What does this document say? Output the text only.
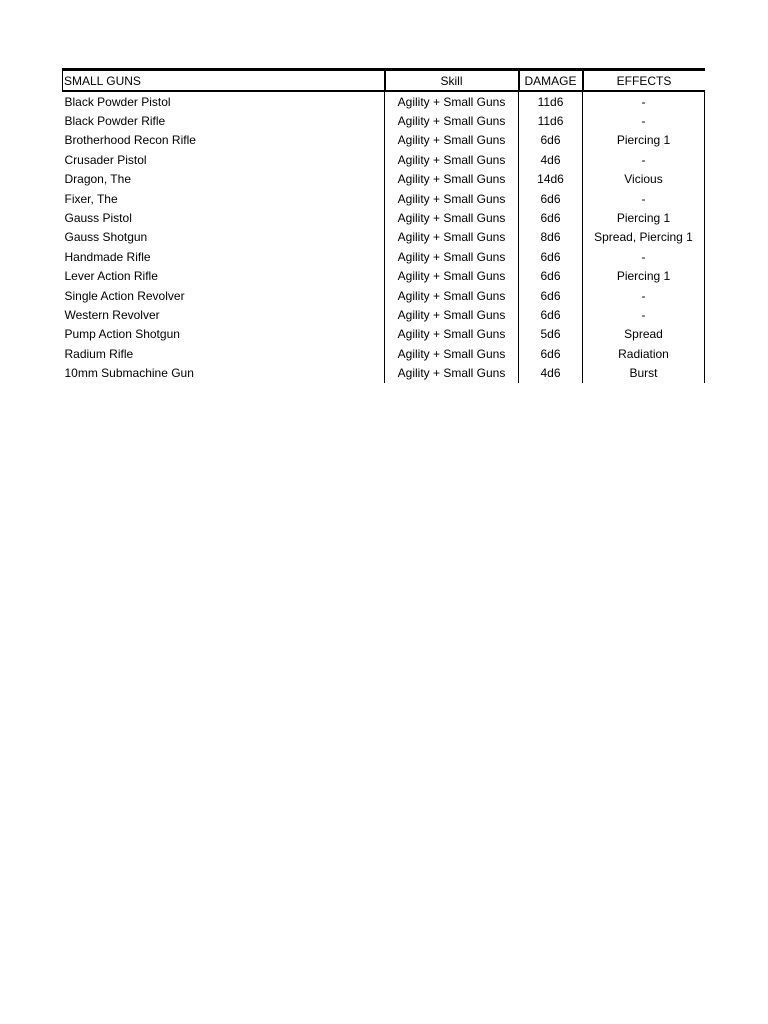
SMALL GUNS	Skill	DAMAGE	EFFECTS
Black Powder Pistol	Agility + Small Guns	11d6	-
Black Powder Rifle	Agility + Small Guns	11d6	-
Brotherhood Recon Rifle	Agility + Small Guns	6d6	Piercing 1
Crusader Pistol	Agility + Small Guns	4d6	-
Dragon, The	Agility + Small Guns	14d6	Vicious
Fixer, The	Agility + Small Guns	6d6	-
Gauss Pistol	Agility + Small Guns	6d6	Piercing 1
Gauss Shotgun	Agility + Small Guns	8d6	Spread, Piercing 1
Handmade Rifle	Agility + Small Guns	6d6	-
Lever Action Rifle	Agility + Small Guns	6d6	Piercing 1
Single Action Revolver	Agility + Small Guns	6d6	-
Western Revolver	Agility + Small Guns	6d6	-
Pump Action Shotgun	Agility + Small Guns	5d6	Spread
Radium Rifle	Agility + Small Guns	6d6	Radiation
10mm Submachine Gun	Agility + Small Guns	4d6	Burst
